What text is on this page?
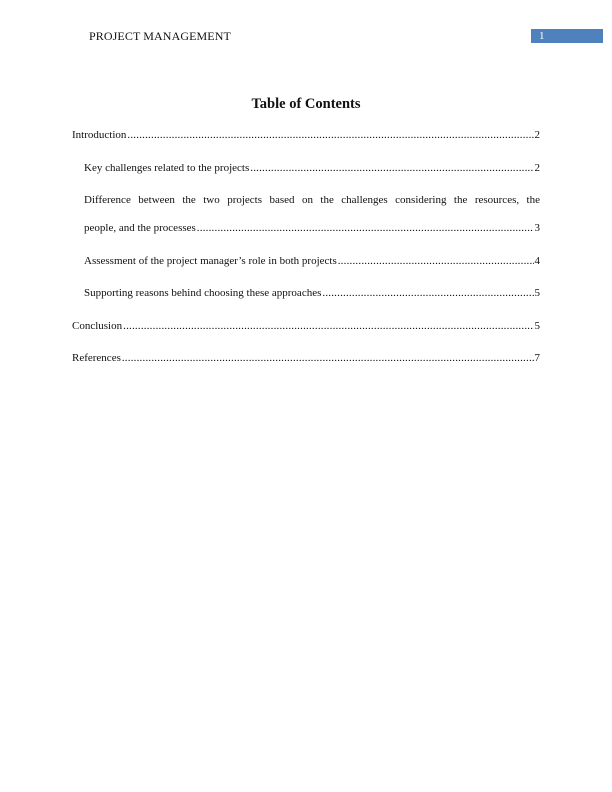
PROJECT MANAGEMENT	1
Table of Contents
Introduction .....	2
Key challenges related to the projects .....	2
Difference between the two projects based on the challenges considering the resources, the
people, and the processes .....	3
Assessment of the project manager’s role in both projects .....	4
Supporting reasons behind choosing these approaches .....	5
Conclusion .....	5
References .....	7
